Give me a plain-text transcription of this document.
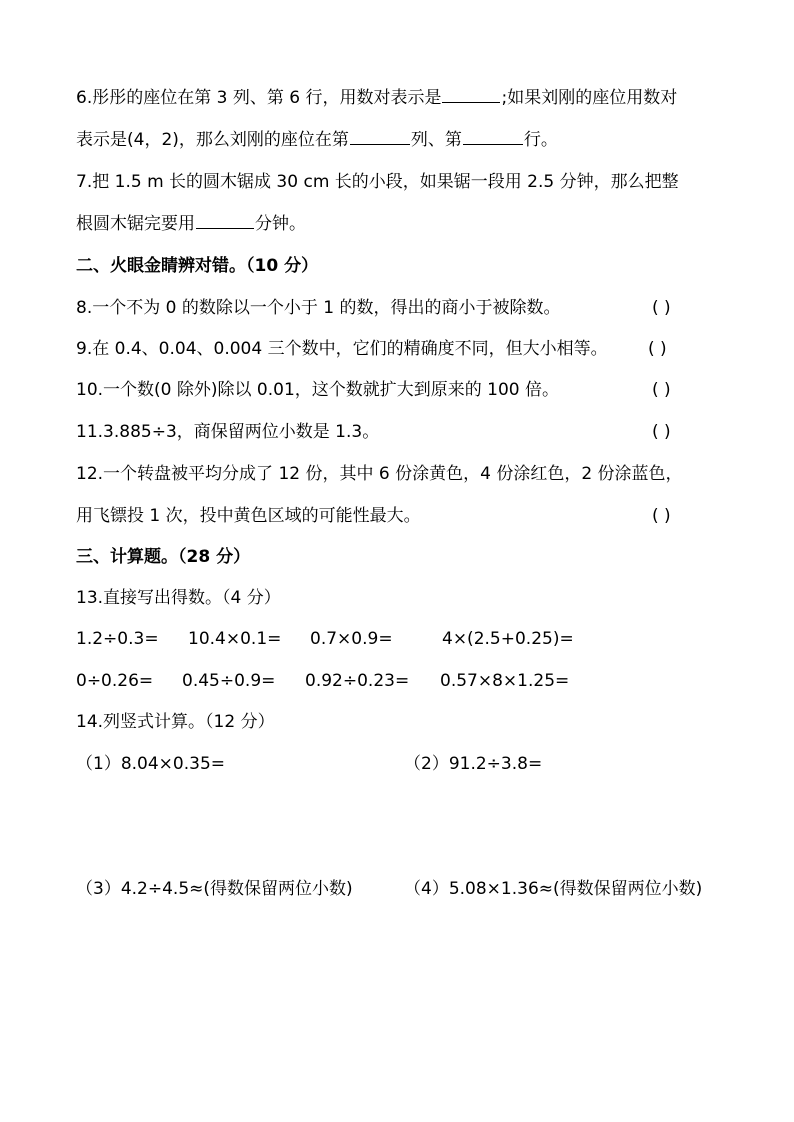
6.彤彤的座位在第 3 列、第 6 行，用数对表示是	;如果刘刚的座位用数对
表示是(4，2)，那么刘刚的座位在第	列、第	行。
7.把 1.5 m 长的圆木锯成 30 cm 长的小段，如果锯一段用 2.5 分钟，那么把整
根圆木锯完要用	分钟。
二、火眼金睛辨对错。（10 分）
8.一个不为 0 的数除以一个小于 1 的数，得出的商小于被除数。	( )
9.在 0.4、0.04、0.004 三个数中，它们的精确度不同，但大小相等。 ( )
10.一个数(0 除外)除以 0.01，这个数就扩大到原来的 100 倍。	( )
11.3.885÷3，商保留两位小数是 1.3。	( )
12.一个转盘被平均分成了 12 份，其中 6 份涂黄色，4 份涂红色，2 份涂蓝色，
用飞镖投 1 次，投中黄色区域的可能性最大。	( )
三、计算题。（28 分）
13.直接写出得数。（4 分）
1.2÷0.3= 10.4×0.1= 0.7×0.9=	4×(2.5+0.25)=
0÷0.26= 0.45÷0.9= 0.92÷0.23= 0.57×8×1.25=
14.列竖式计算。（12 分）
（1）8.04×0.35=	（2）91.2÷3.8=
（3）4.2÷4.5≈(得数保留两位小数)	（4）5.08×1.36≈(得数保留两位小数)
